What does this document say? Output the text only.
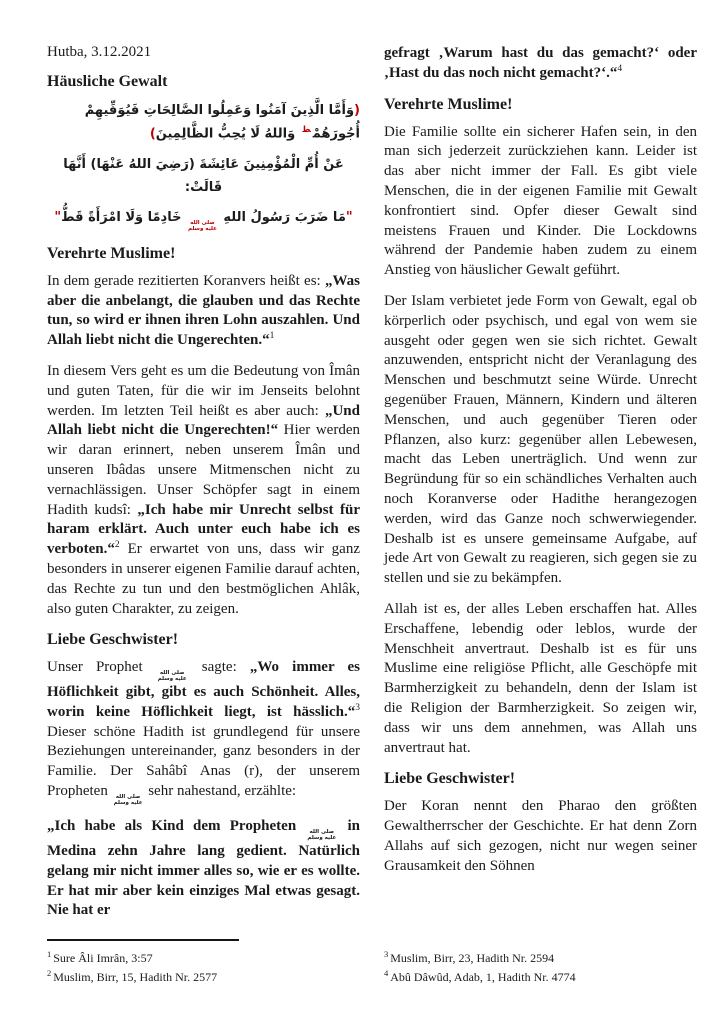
Hutba, 3.12.2021
Häusliche Gewalt
(وَأَمَّا الَّذِينَ آمَنُوا وَعَمِلُوا الصَّالِحَاتِ فَيُوَفِّيهِمْ أُجُورَهُمْ$^ط$ وَاللهُ لَا يُحِبُّ الظَّالِمِينَ)
عَنْ أُمِّ الْمُؤْمِنِينَ عَائِشَةَ (رَضِيَ اللهُ عَنْهَا) أَنَّهَا قَالَتْ:
"مَا ضَرَبَ رَسُولُ اللهِ
صلى الله
عليه وسلم
خَادِمًا وَلَا امْرَأَةً قَطُّ"
Verehrte Muslime!
In dem gerade rezitierten Koranvers heißt es: „Was aber die anbelangt, die glauben und das Rechte tun, so wird er ihnen ihren Lohn auszahlen. Und Allah liebt nicht die Ungerechten.“$^1$
In diesem Vers geht es um die Bedeutung von Îmân und guten Taten, für die wir im Jenseits belohnt werden. Im letzten Teil heißt es aber auch: „Und Allah liebt nicht die Ungerechten!“ Hier werden wir daran erinnert, neben unserem Îmân und unseren Ibâdas unsere Mitmenschen nicht zu vernachlässigen. Unser Schöpfer sagt in einem Hadith kudsî: „Ich habe mir Unrecht selbst für haram erklärt. Auch unter euch habe ich es verboten.“$^2$ Er erwartet von uns, dass wir ganz besonders in unserer eigenen Familie darauf achten, das Rechte zu tun und den bestmöglichen Ahlâk, also guten Charakter, zu zeigen.
Liebe Geschwister!
Unser Prophet صلى الله
عليه وسلم
sagte: „Wo immer es Höflichkeit gibt, gibt es auch Schönheit. Alles, worin keine Höflichkeit liegt, ist hässlich.“$^3$ Dieser schöne Hadith ist grundlegend für unsere Beziehungen untereinander, ganz besonders in der Familie. Der Sahâbî Anas (r), der unserem Propheten صلى الله
عليه وسلم
sehr nahestand, erzählte:
„Ich habe als Kind dem Propheten صلى الله
عليه وسلم
in Medina zehn Jahre lang gedient. Natürlich gelang mir nicht immer alles so, wie er es wollte. Er hat mir aber kein einziges Mal etwas gesagt. Nie hat er

$^1$ Sure Âli Imrân, 3:57

$^2$ Muslim, Birr, 15, Hadith Nr. 2577

gefragt ‚Warum hast du das gemacht?‘ oder ‚Hast du das noch nicht gemacht?‘.“$^4$
Verehrte Muslime!
Die Familie sollte ein sicherer Hafen sein, in den man sich jederzeit zurückziehen kann. Leider ist das aber nicht immer der Fall. Es gibt viele Menschen, die in der eigenen Familie mit Gewalt konfrontiert sind. Opfer dieser Gewalt sind meistens Frauen und Kinder. Die Lockdowns während der Pandemie haben zudem zu einem Anstieg von häuslicher Gewalt geführt.
Der Islam verbietet jede Form von Gewalt, egal ob körperlich oder psychisch, und egal von wem sie ausgeht oder gegen wen sie sich richtet. Gewalt anzuwenden, entspricht nicht der Veranlagung des Menschen und beschmutzt seine Würde. Unrecht gegenüber Frauen, Männern, Kindern und älteren Menschen, und auch gegenüber Tieren oder Pflanzen, also kurz: gegenüber allen Lebewesen, macht das Leben unerträglich. Und wenn zur Begründung für so ein schändliches Verhalten auch noch Koranverse oder Hadithe herangezogen werden, wird das Ganze noch schwerwiegender. Deshalb ist es unsere gemeinsame Aufgabe, auf jede Art von Gewalt zu reagieren, sich gegen sie zu stellen und sie zu bekämpfen.
Allah ist es, der alles Leben erschaffen hat. Alles Erschaffene, lebendig oder leblos, wurde der Menschheit anvertraut. Deshalb ist es für uns Muslime eine religiöse Pflicht, alle Geschöpfe mit Barmherzigkeit zu behandeln, denn der Islam ist die Religion der Barmherzigkeit. So zeigen wir, dass wir uns dem annehmen, was Allah uns anvertraut hat.
Liebe Geschwister!
Der Koran nennt den Pharao den größten Gewaltherrscher der Geschichte. Er hat denn Zorn Allahs auf sich gezogen, nicht nur wegen seiner Grausamkeit den Söhnen

$^3$ Muslim, Birr, 23, Hadith Nr. 2594

$^4$ Abû Dâwûd, Adab, 1, Hadith Nr. 4774
